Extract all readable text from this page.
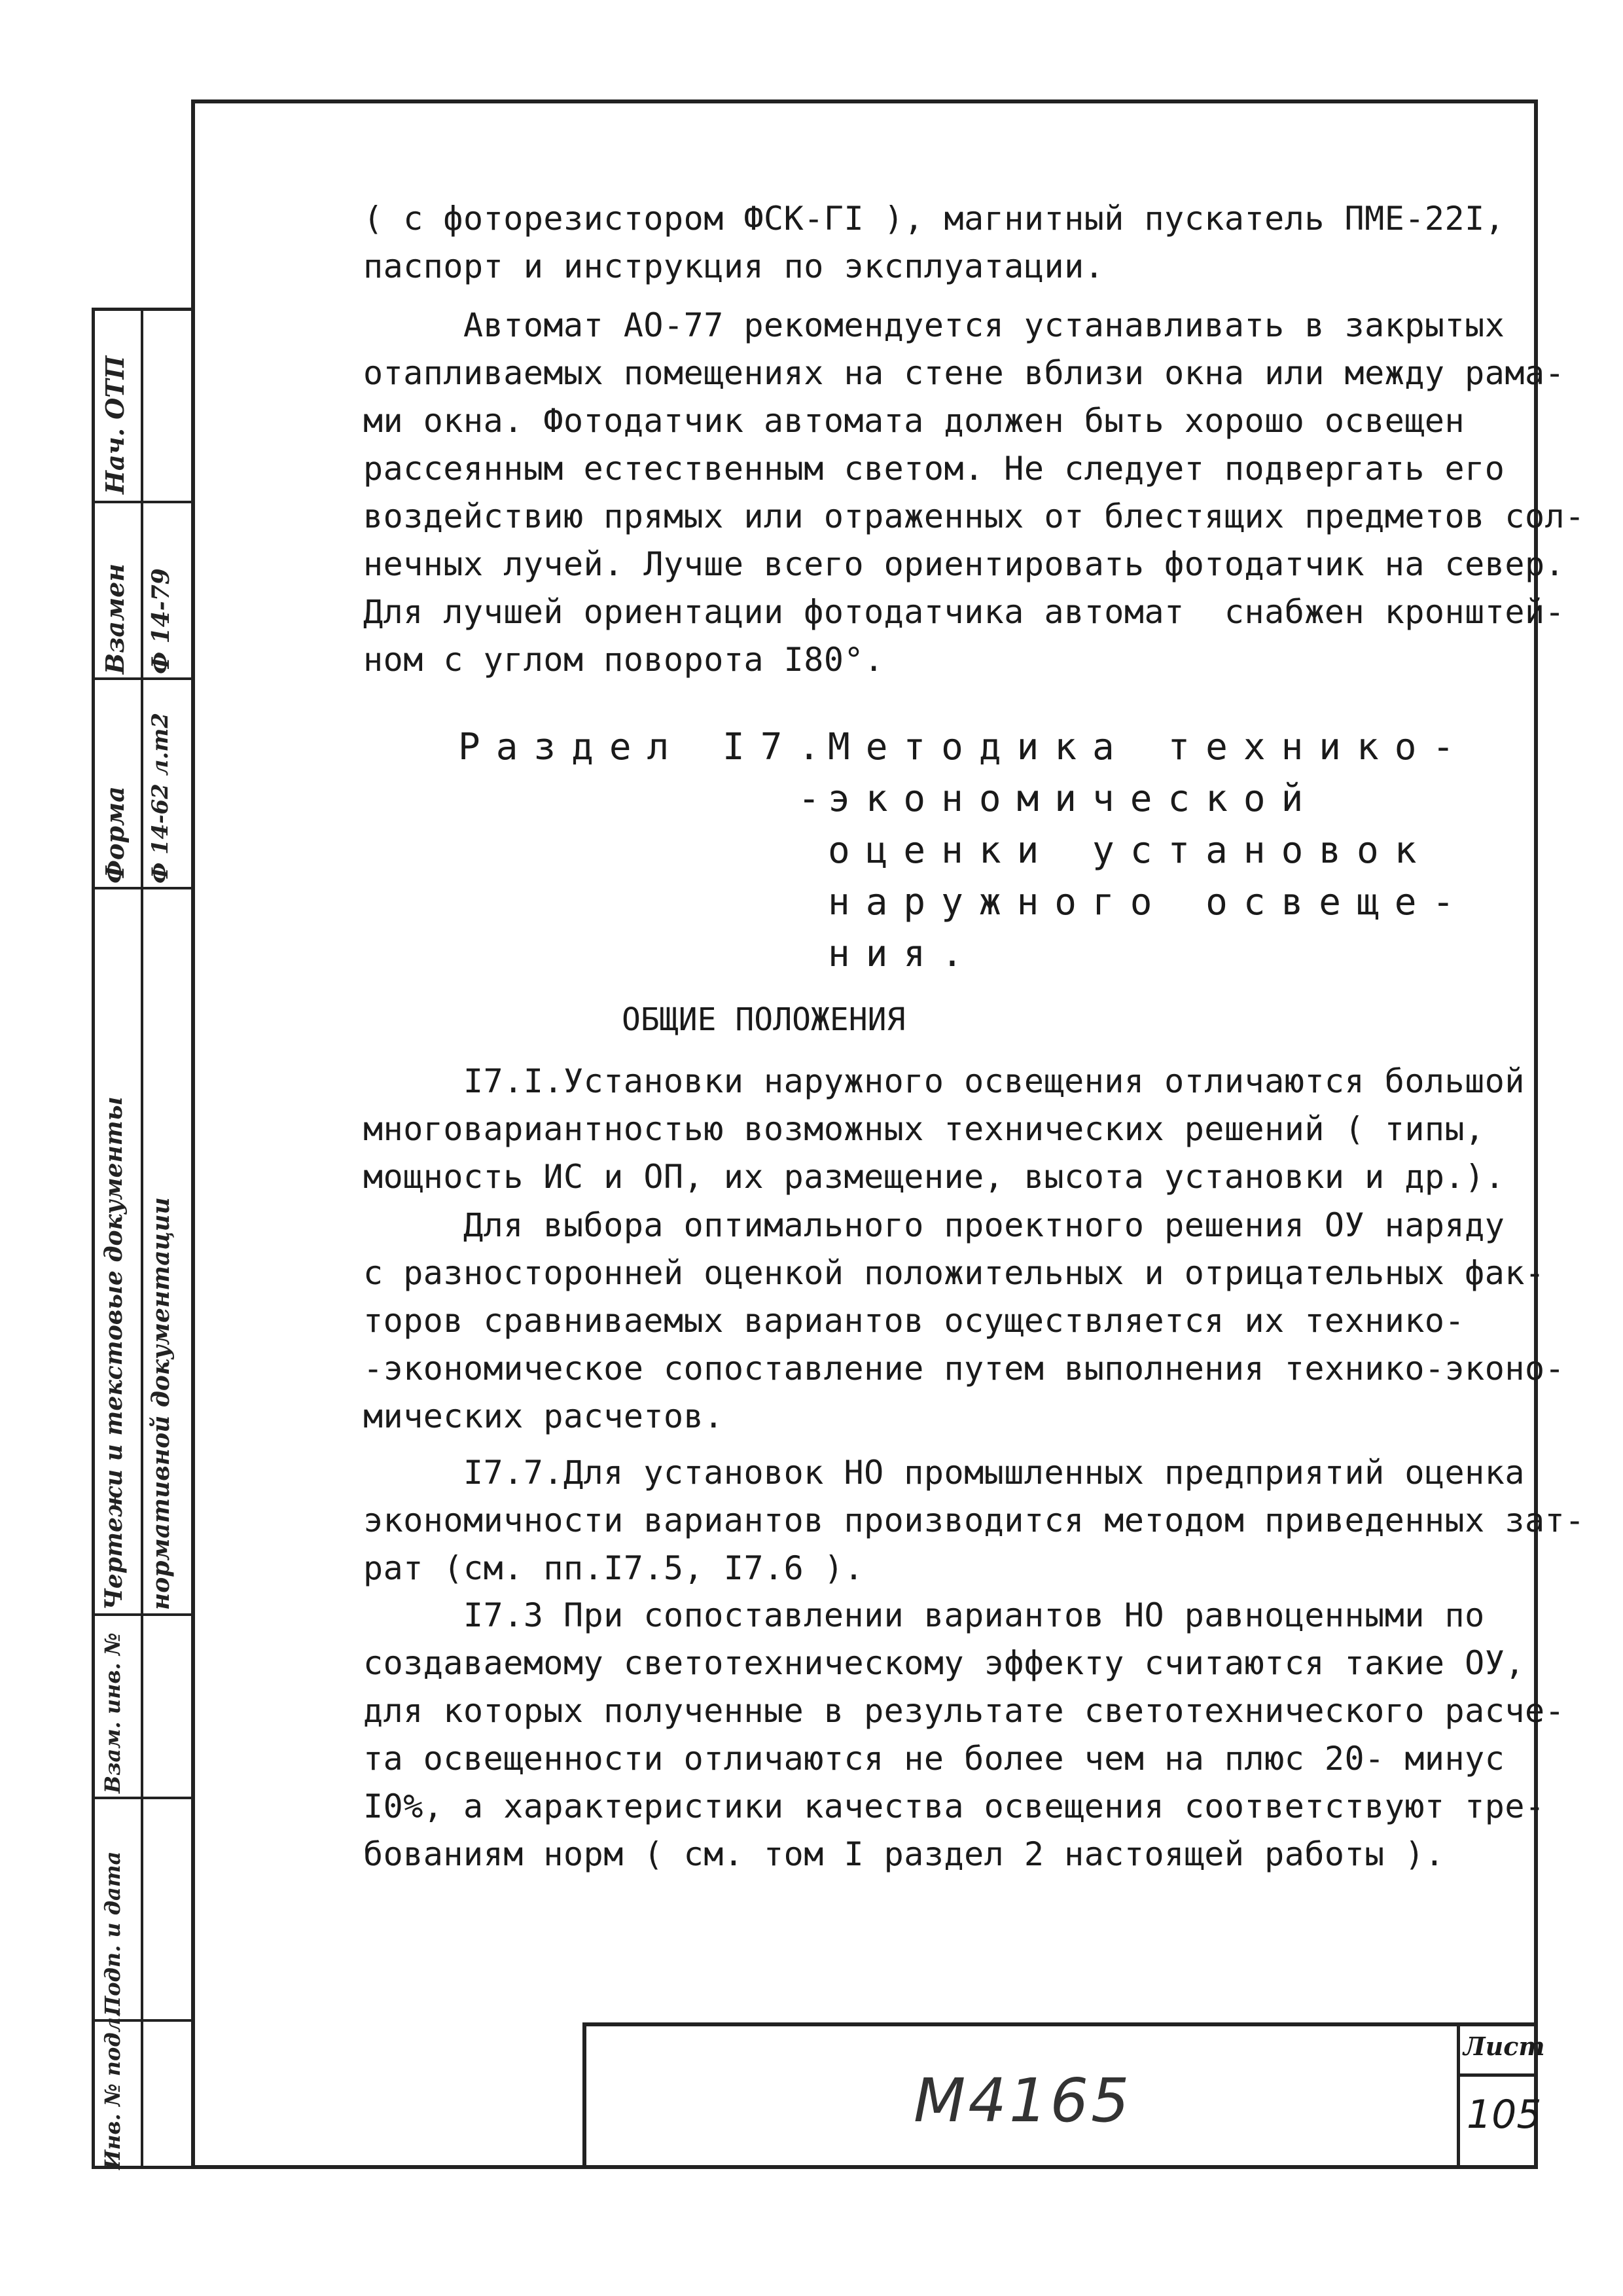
Нач. ОТП
Взамен Ф 14-79
Форма Ф 14-62 л.т2
Чертежи и текстовые документы нормативной документации
Взам. инв. №
Подп. и дата
Инв. № подл.
( с фоторезистором ФСК-ГI ), магнитный пускатель ПМЕ-22I,
паспорт и инструкция по эксплуатации.
Автомат АО-77 рекомендуется устанавливать в закрытых
отапливаемых помещениях на стене вблизи окна или между рама-
ми окна. Фотодатчик автомата должен быть хорошо освещен
рассеянным естественным светом. Не следует подвергать его
воздействию прямых или отраженных от блестящих предметов сол-
нечных лучей. Лучше всего ориентировать фотодатчик на север.
Для лучшей ориентации фотодатчика автомат  снабжен кронштей-
ном с углом поворота I80°.
Раздел I7.
-
Методика технико-
экономической
оценки установок
наружного освеще-
ния.
ОБЩИЕ ПОЛОЖЕНИЯ
I7.I.Установки наружного освещения отличаются большой
многовариантностью возможных технических решений ( типы,
мощность ИС и ОП, их размещение, высота установки и др.).
Для выбора оптимального проектного решения ОУ наряду
с разносторонней оценкой положительных и отрицательных фак-
торов сравниваемых вариантов осуществляется их технико-
-экономическое сопоставление путем выполнения технико-эконо-
мических расчетов.
I7.7.Для установок НО промышленных предприятий оценка
экономичности вариантов производится методом приведенных зат-
рат (см. пп.I7.5, I7.6 ).
I7.3 При сопоставлении вариантов НО равноценными по
создаваемому светотехническому эффекту считаются такие ОУ,
для которых полученные в результате светотехнического расче-
та освещенности отличаются не более чем на плюс 20- минус
I0%, а характеристики качества освещения соответствуют тре-
бованиям норм ( см. том I раздел 2 настоящей работы ).
М4165
Лист
105
